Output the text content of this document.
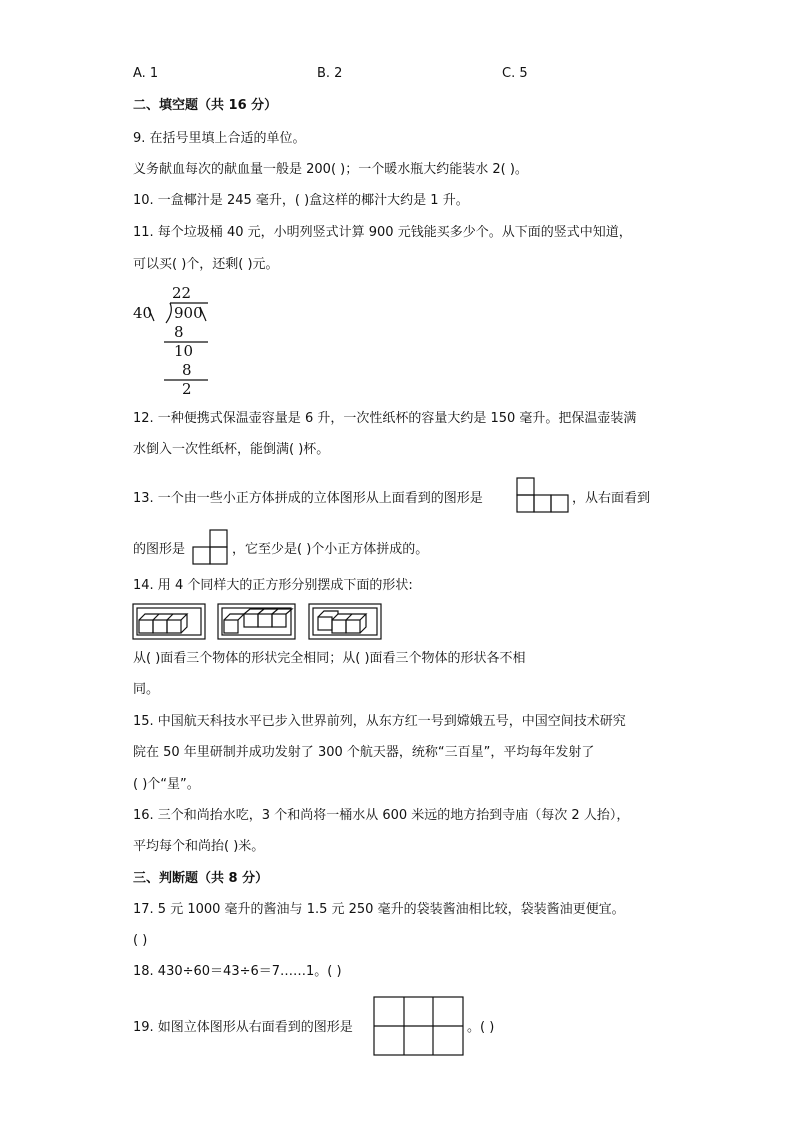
A. 1	B. 2	C. 5
二、填空题（共 16 分）
9. 在括号里填上合适的单位。
义务献血每次的献血量一般是 200( )；一个暖水瓶大约能装水 2( )。
10. 一盒椰汁是 245 毫升，( )盒这样的椰汁大约是 1 升。
11. 每个垃圾桶 40 元，小明列竖式计算 900 元钱能买多少个。从下面的竖式中知道，
可以买( )个，还剩( )元。
22
40 900
8
10
8
2
12. 一种便携式保温壶容量是 6 升，一次性纸杯的容量大约是 150 毫升。把保温壶装满
水倒入一次性纸杯，能倒满( )杯。
13. 一个由一些小正方体拼成的立体图形从上面看到的图形是	，从右面看到
的图形是	，它至少是( )个小正方体拼成的。
14. 用 4 个同样大的正方形分别摆成下面的形状:
从( )面看三个物体的形状完全相同；从( )面看三个物体的形状各不相
同。
15. 中国航天科技水平已步入世界前列，从东方红一号到嫦娥五号，中国空间技术研究
院在 50 年里研制并成功发射了 300 个航天器，统称“三百星”，平均每年发射了
( )个“星”。
16. 三个和尚抬水吃，3 个和尚将一桶水从 600 米远的地方抬到寺庙（每次 2 人抬），
平均每个和尚抬( )米。
三、判断题（共 8 分）
17. 5 元 1000 毫升的酱油与 1.5 元 250 毫升的袋装酱油相比较，袋装酱油更便宜。
( )
18. 430÷60＝43÷6＝7……1。( )
19. 如图立体图形从右面看到的图形是	。( )
